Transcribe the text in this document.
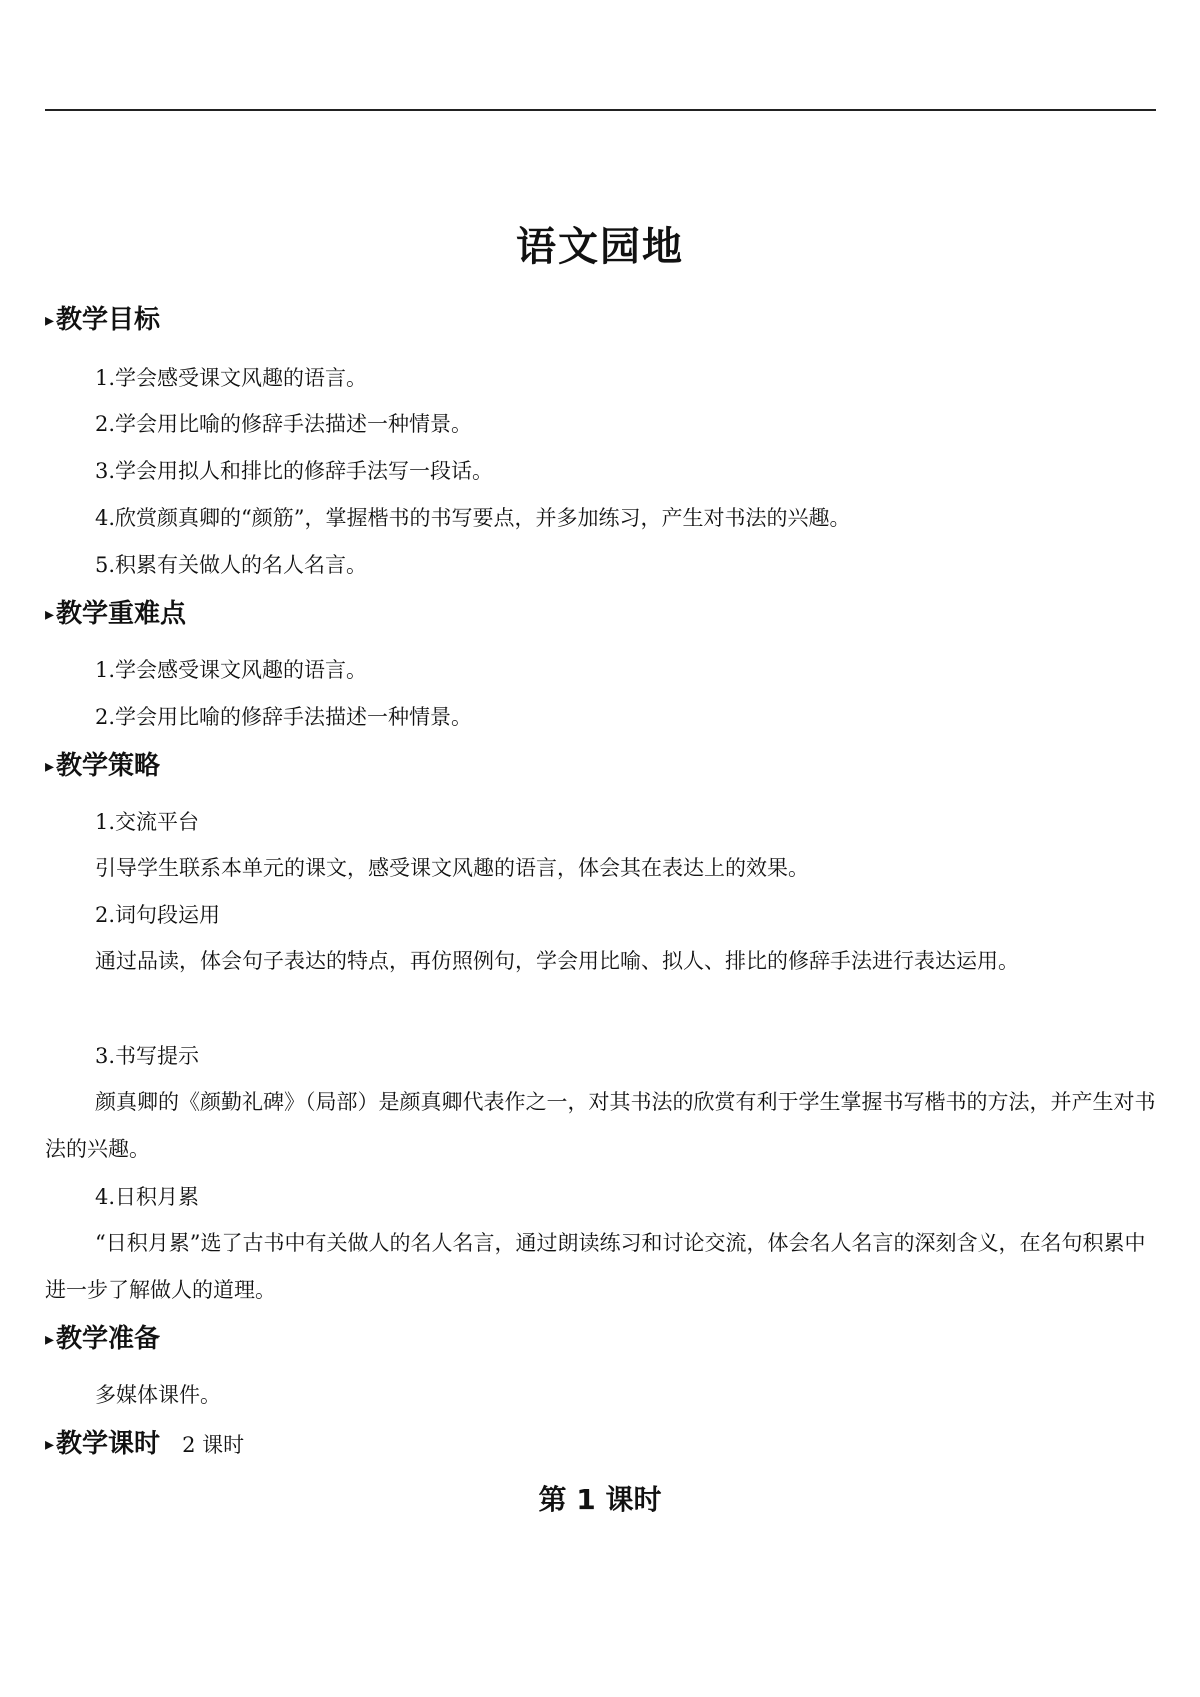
语文园地
▸教学目标
1.学会感受课文风趣的语言。
2.学会用比喻的修辞手法描述一种情景。
3.学会用拟人和排比的修辞手法写一段话。
4.欣赏颜真卿的“颜筋”，掌握楷书的书写要点，并多加练习，产生对书法的兴趣。
5.积累有关做人的名人名言。
▸教学重难点
1.学会感受课文风趣的语言。
2.学会用比喻的修辞手法描述一种情景。
▸教学策略
1.交流平台
引导学生联系本单元的课文，感受课文风趣的语言，体会其在表达上的效果。
2.词句段运用
通过品读，体会句子表达的特点，再仿照例句，学会用比喻、拟人、排比的修辞手法进行表达运用。
3.书写提示
颜真卿的《颜勤礼碑》（局部）是颜真卿代表作之一，对其书法的欣赏有利于学生掌握书写楷书的方法，并产生对书法的兴趣。
4.日积月累
“日积月累”选了古书中有关做人的名人名言，通过朗读练习和讨论交流，体会名人名言的深刻含义，在名句积累中进一步了解做人的道理。
▸教学准备
多媒体课件。
▸教学课时 2 课时
第 1 课时
